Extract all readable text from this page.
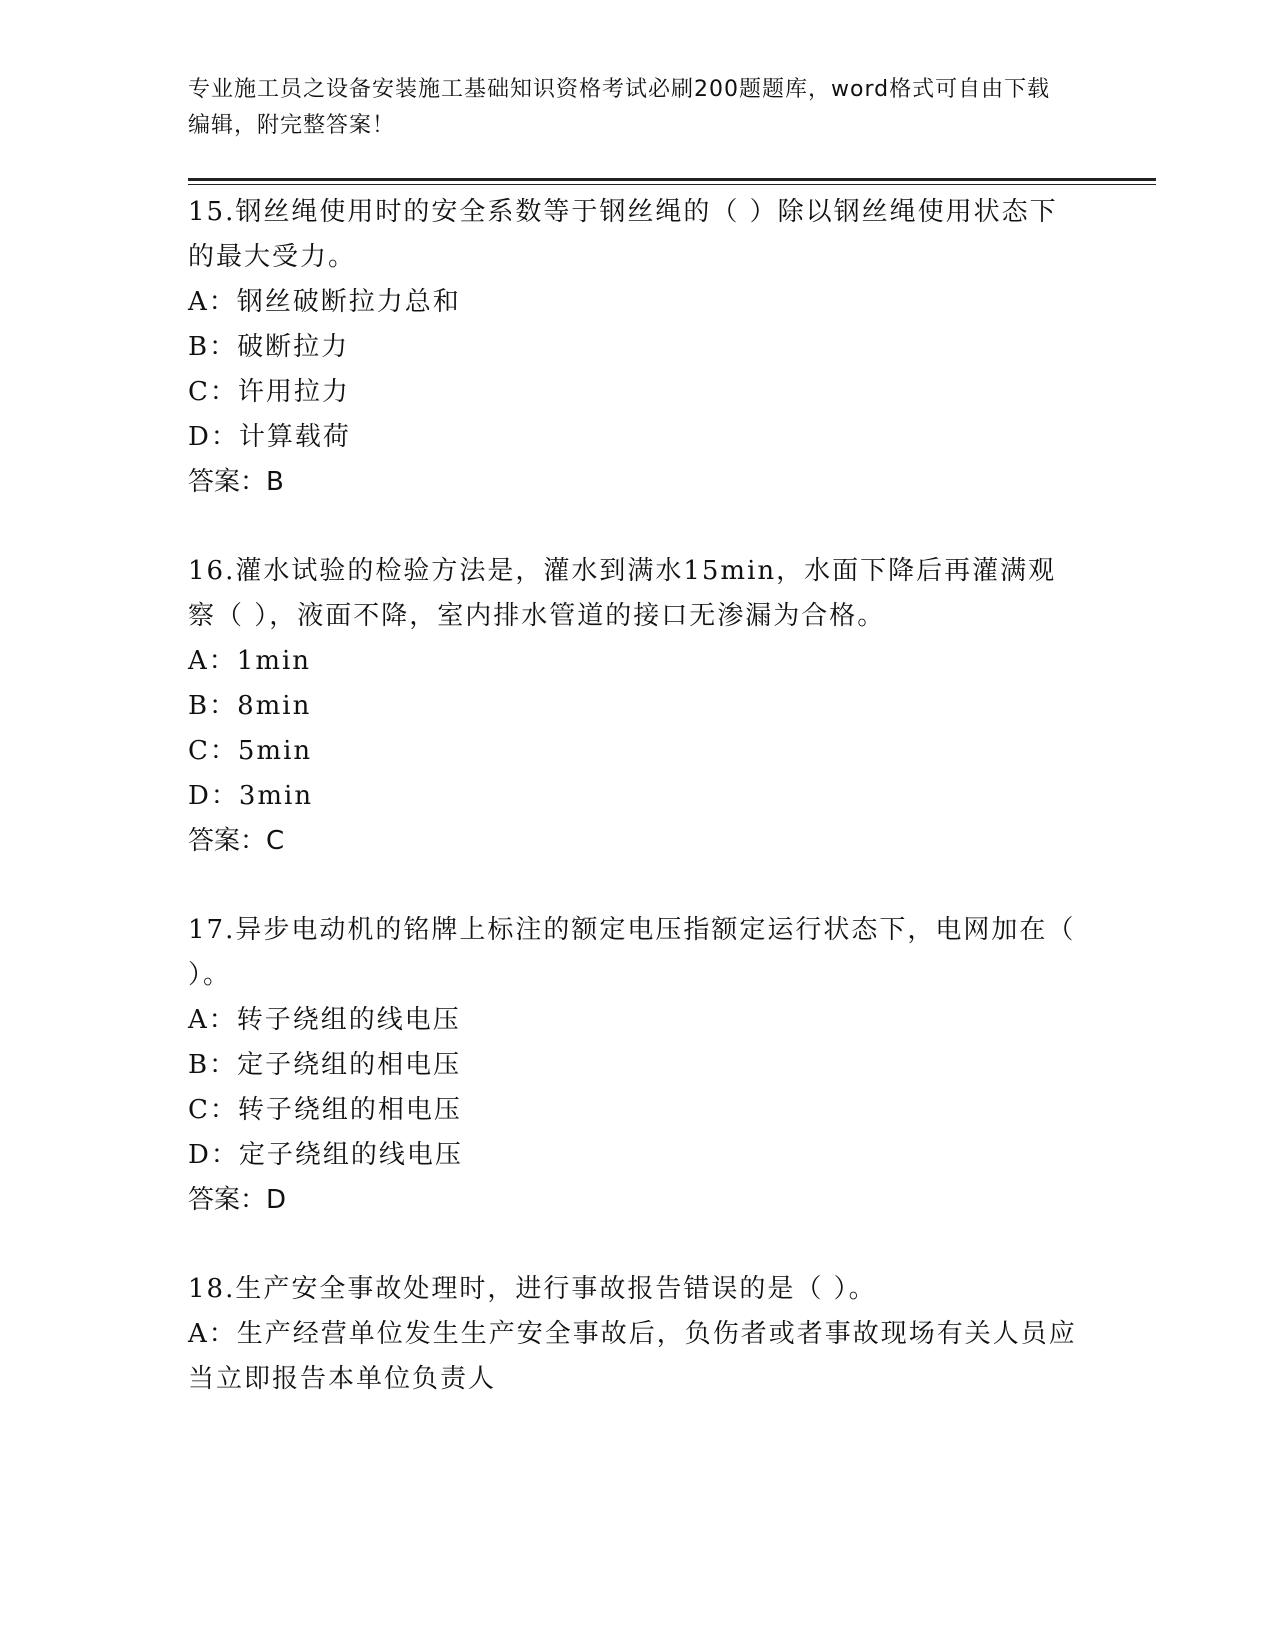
专业施工员之设备安装施工基础知识资格考试必刷200题题库，word格式可自由下载编辑，附完整答案！
15.钢丝绳使用时的安全系数等于钢丝绳的（ ）除以钢丝绳使用状态下的最大受力。
A：钢丝破断拉力总和
B：破断拉力
C：许用拉力
D：计算载荷
答案：B
16.灌水试验的检验方法是，灌水到满水15min，水面下降后再灌满观察（ ），液面不降，室内排水管道的接口无渗漏为合格。
A：1min
B：8min
C：5min
D：3min
答案：C
17.异步电动机的铭牌上标注的额定电压指额定运行状态下，电网加在（ ）。
A：转子绕组的线电压
B：定子绕组的相电压
C：转子绕组的相电压
D：定子绕组的线电压
答案：D
18.生产安全事故处理时，进行事故报告错误的是（ ）。
A：生产经营单位发生生产安全事故后，负伤者或者事故现场有关人员应当立即报告本单位负责人
